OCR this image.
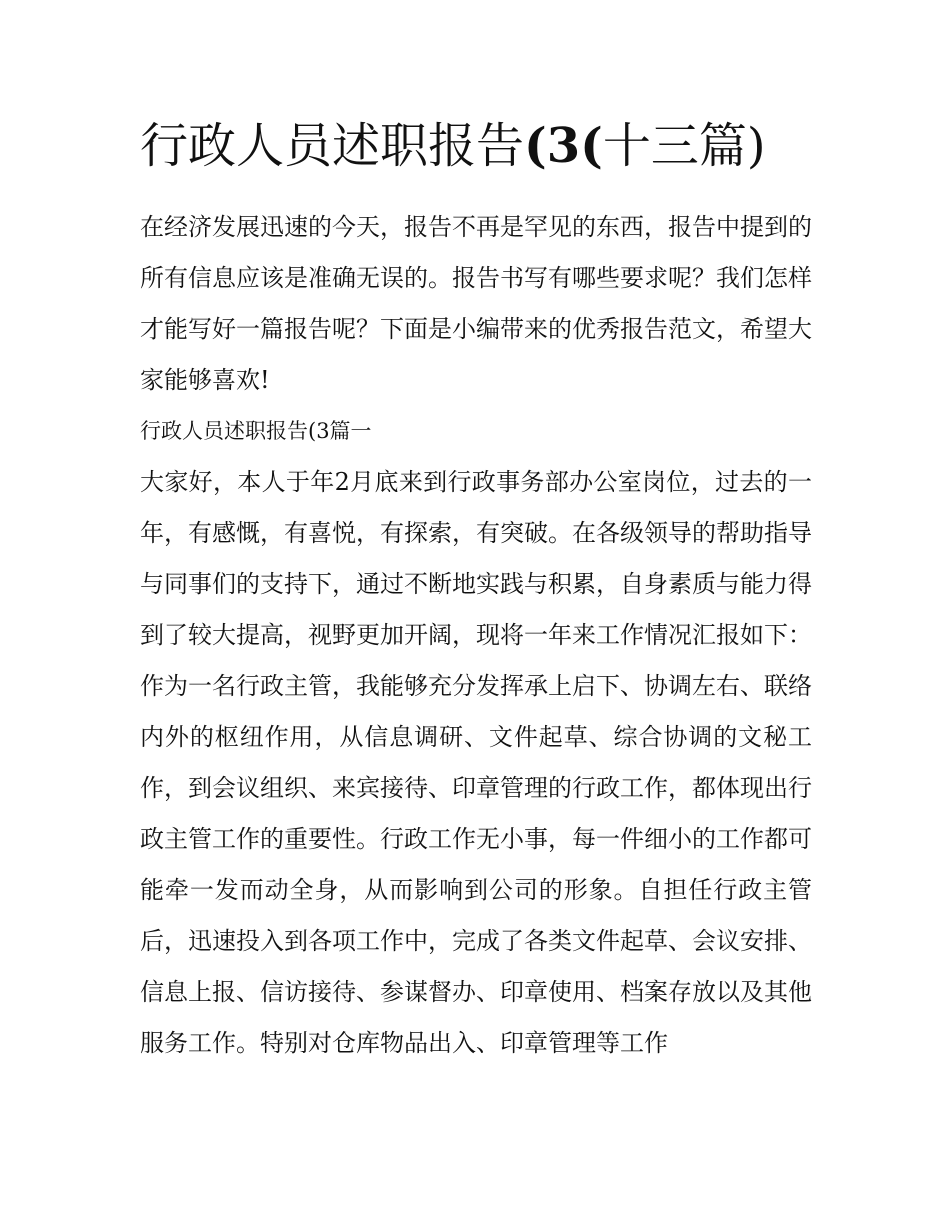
行政人员述职报告(3(十三篇)

在经济发展迅速的今天，报告不再是罕见的东西，报告中提到的所有信息应该是准确无误的。报告书写有哪些要求呢？我们怎样才能写好一篇报告呢？下面是小编带来的优秀报告范文，希望大家能够喜欢!

行政人员述职报告(3篇一

大家好，本人于年2月底来到行政事务部办公室岗位，过去的一年，有感慨，有喜悦，有探索，有突破。在各级领导的帮助指导与同事们的支持下，通过不断地实践与积累，自身素质与能力得到了较大提高，视野更加开阔，现将一年来工作情况汇报如下：

作为一名行政主管，我能够充分发挥承上启下、协调左右、联络内外的枢纽作用，从信息调研、文件起草、综合协调的文秘工作，到会议组织、来宾接待、印章管理的行政工作，都体现出行政主管工作的重要性。行政工作无小事，每一件细小的工作都可能牵一发而动全身，从而影响到公司的形象。自担任行政主管后，迅速投入到各项工作中，完成了各类文件起草、会议安排、信息上报、信访接待、参谋督办、印章使用、档案存放以及其他服务工作。特别对仓库物品出入、印章管理等工作
